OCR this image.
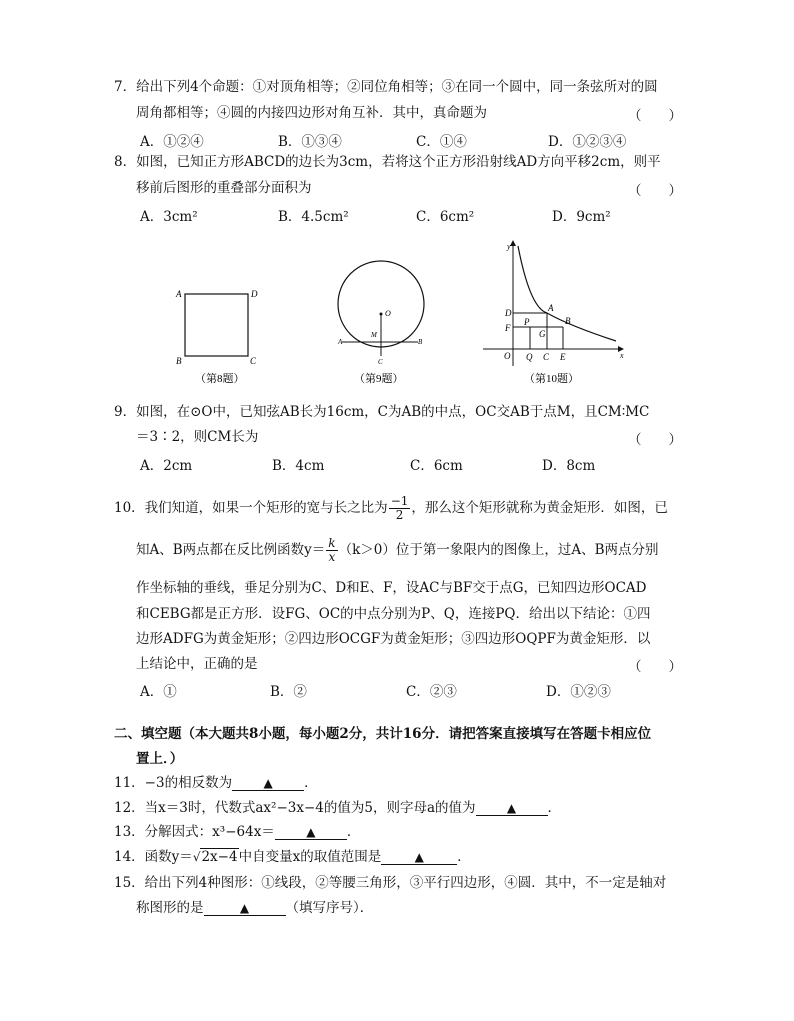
7．给出下列4个命题：①对顶角相等；②同位角相等；③在同一个圆中，同一条弦所对的圆
周角都相等；④圆的内接四边形对角互补．其中，真命题为	（　　）
A．①②④	B．①③④	C．①④	D．①②③④
8．如图，已知正方形ABCD的边长为3cm，若将这个正方形沿射线AD方向平移2cm，则平
移前后图形的重叠部分面积为	（　　）
A．3cm²	B．4.5cm²	C．6cm²	D．9cm²
A	D
B	C
（第8题）
O
M
A	B
C
（第9题）
y
x
D	A
F
P
G
B
O Q C E
（第10题）
9．如图，在⊙O中，已知弦AB长为16cm，C为AB的中点，OC交AB于点M，且CM∶MC
＝3∶2，则CM长为	（　　）
A．2cm	B．4cm	C．6cm	D．8cm
10．我们知道，如果一个矩形的宽与长之比为 $\frac{-1}{2}$ ，那么这个矩形就称为黄金矩形．如图，已
知A、B两点都在反比例函数$y= \frac{k}{x} (k>0)$位于第一象限内的图像上，过A、B两点分别
作坐标轴的垂线，垂足分别为C、D和E、F，设AC与BF交于点G，已知四边形OCAD
和CEBG都是正方形．设FG、OC的中点分别为P、Q，连接PQ．给出以下结论：①四
边形ADFG为黄金矩形；②四边形OCGF为黄金矩形；③四边形OQPF为黄金矩形．以
上结论中，正确的是	（　　）
A．①	B．②	C．②③	D．①②③
二、填空题（本大题共8小题，每小题2分，共计16分．请把答案直接填写在答题卡相应位
置上．）
11．−3的相反数为	▲ ．
12．当x＝3时，代数式ax²−3x−4的值为5，则字母a的值为	▲ ．
13．分解因式：x³−64x＝	▲ ．
14．函数y＝√2x−4中自变量x的取值范围是	▲ ．
15．给出下列4种图形：①线段，②等腰三角形，③平行四边形，④圆．其中，不一定是轴对
称图形的是	▲	（填写序号）．
